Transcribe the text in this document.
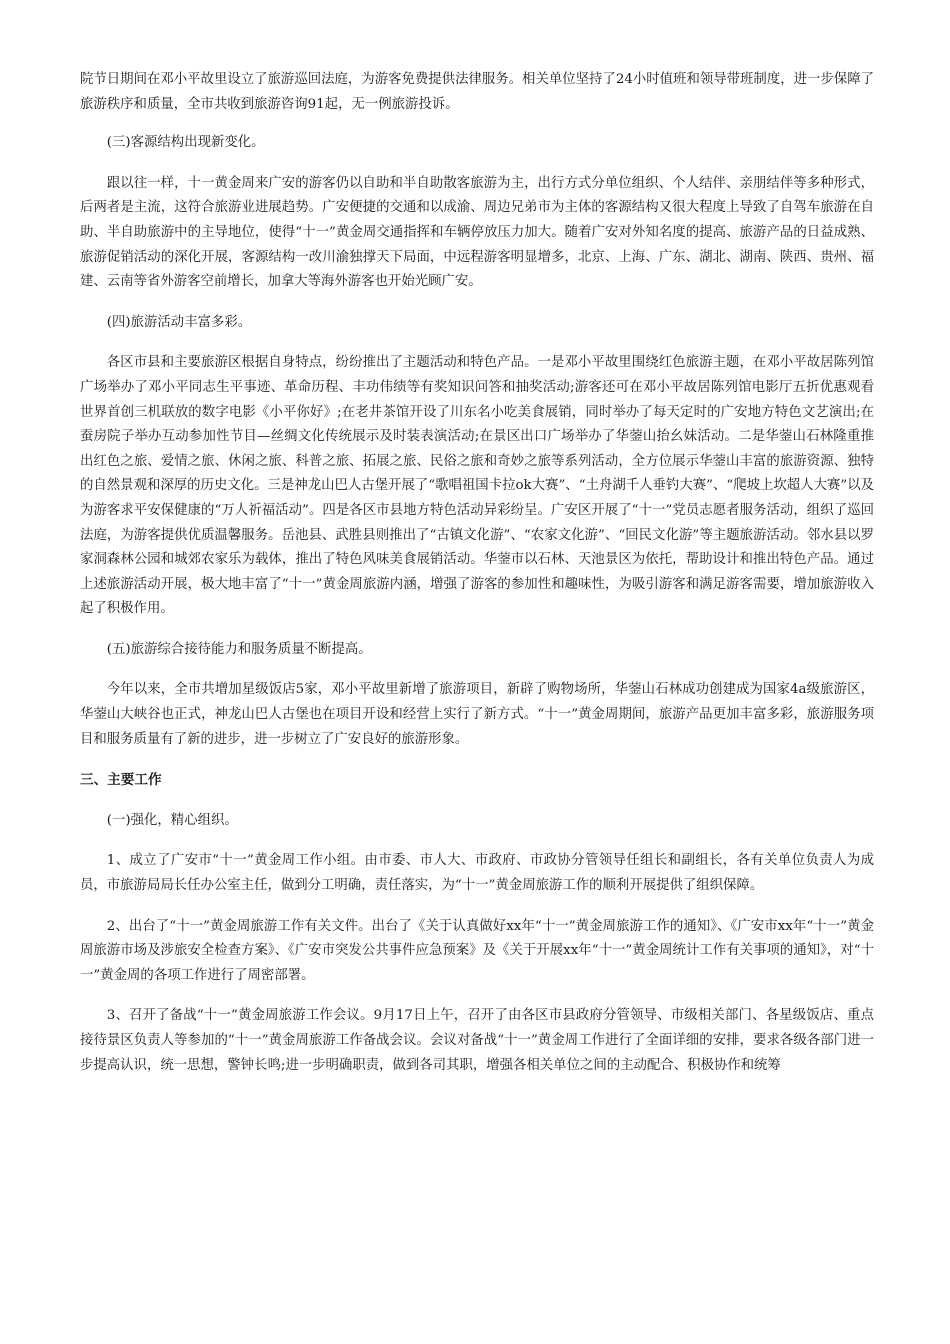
院节日期间在邓小平故里设立了旅游巡回法庭，为游客免费提供法律服务。相关单位坚持了24小时值班和领导带班制度，进一步保障了旅游秩序和质量，全市共收到旅游咨询91起，无一例旅游投诉。

(三)客源结构出现新变化。

跟以往一样，十一黄金周来广安的游客仍以自助和半自助散客旅游为主，出行方式分单位组织、个人结伴、亲朋结伴等多种形式，后两者是主流，这符合旅游业进展趋势。广安便捷的交通和以成渝、周边兄弟市为主体的客源结构又很大程度上导致了自驾车旅游在自助、半自助旅游中的主导地位，使得“十一”黄金周交通指挥和车辆停放压力加大。随着广安对外知名度的提高、旅游产品的日益成熟、旅游促销活动的深化开展，客源结构一改川渝独撑天下局面，中远程游客明显增多，北京、上海、广东、湖北、湖南、陕西、贵州、福建、云南等省外游客空前增长，加拿大等海外游客也开始光顾广安。

(四)旅游活动丰富多彩。

各区市县和主要旅游区根据自身特点，纷纷推出了主题活动和特色产品。一是邓小平故里围绕红色旅游主题，在邓小平故居陈列馆广场举办了邓小平同志生平事迹、革命历程、丰功伟绩等有奖知识问答和抽奖活动;游客还可在邓小平故居陈列馆电影厅五折优惠观看世界首创三机联放的数字电影《小平你好》;在老井茶馆开设了川东名小吃美食展销，同时举办了每天定时的广安地方特色文艺演出;在蚕房院子举办互动参加性节目—丝绸文化传统展示及时装表演活动;在景区出口广场举办了华蓥山抬幺妹活动。二是华蓥山石林隆重推出红色之旅、爱情之旅、休闲之旅、科普之旅、拓展之旅、民俗之旅和奇妙之旅等系列活动，全方位展示华蓥山丰富的旅游资源、独特的自然景观和深厚的历史文化。三是神龙山巴人古堡开展了“歌唱祖国卡拉ok大赛”、“土舟湖千人垂钓大赛”、“爬坡上坎超人大赛”以及为游客求平安保健康的“万人祈福活动”。四是各区市县地方特色活动异彩纷呈。广安区开展了“十一”党员志愿者服务活动，组织了巡回法庭，为游客提供优质温馨服务。岳池县、武胜县则推出了“古镇文化游”、“农家文化游”、“回民文化游”等主题旅游活动。邻水县以罗家洞森林公园和城郊农家乐为载体，推出了特色风味美食展销活动。华蓥市以石林、天池景区为依托，帮助设计和推出特色产品。通过上述旅游活动开展，极大地丰富了“十一”黄金周旅游内涵，增强了游客的参加性和趣味性，为吸引游客和满足游客需要，增加旅游收入起了积极作用。

(五)旅游综合接待能力和服务质量不断提高。

今年以来，全市共增加星级饭店5家，邓小平故里新增了旅游项目，新辟了购物场所，华蓥山石林成功创建成为国家4a级旅游区，华蓥山大峡谷也正式，神龙山巴人古堡也在项目开设和经营上实行了新方式。“十一”黄金周期间，旅游产品更加丰富多彩，旅游服务项目和服务质量有了新的进步，进一步树立了广安良好的旅游形象。

三、主要工作

(一)强化，精心组织。

1、成立了广安市“十一”黄金周工作小组。由市委、市人大、市政府、市政协分管领导任组长和副组长，各有关单位负责人为成员，市旅游局局长任办公室主任，做到分工明确，责任落实，为“十一”黄金周旅游工作的顺利开展提供了组织保障。

2、出台了“十一”黄金周旅游工作有关文件。出台了《关于认真做好xx年“十一”黄金周旅游工作的通知》、《广安市xx年“十一”黄金周旅游市场及涉旅安全检查方案》、《广安市突发公共事件应急预案》及《关于开展xx年“十一”黄金周统计工作有关事项的通知》，对“十一”黄金周的各项工作进行了周密部署。

3、召开了备战“十一”黄金周旅游工作会议。9月17日上午，召开了由各区市县政府分管领导、市级相关部门、各星级饭店、重点接待景区负责人等参加的“十一”黄金周旅游工作备战会议。会议对备战“十一”黄金周工作进行了全面详细的安排，要求各级各部门进一步提高认识，统一思想，警钟长鸣;进一步明确职责，做到各司其职，增强各相关单位之间的主动配合、积极协作和统筹
